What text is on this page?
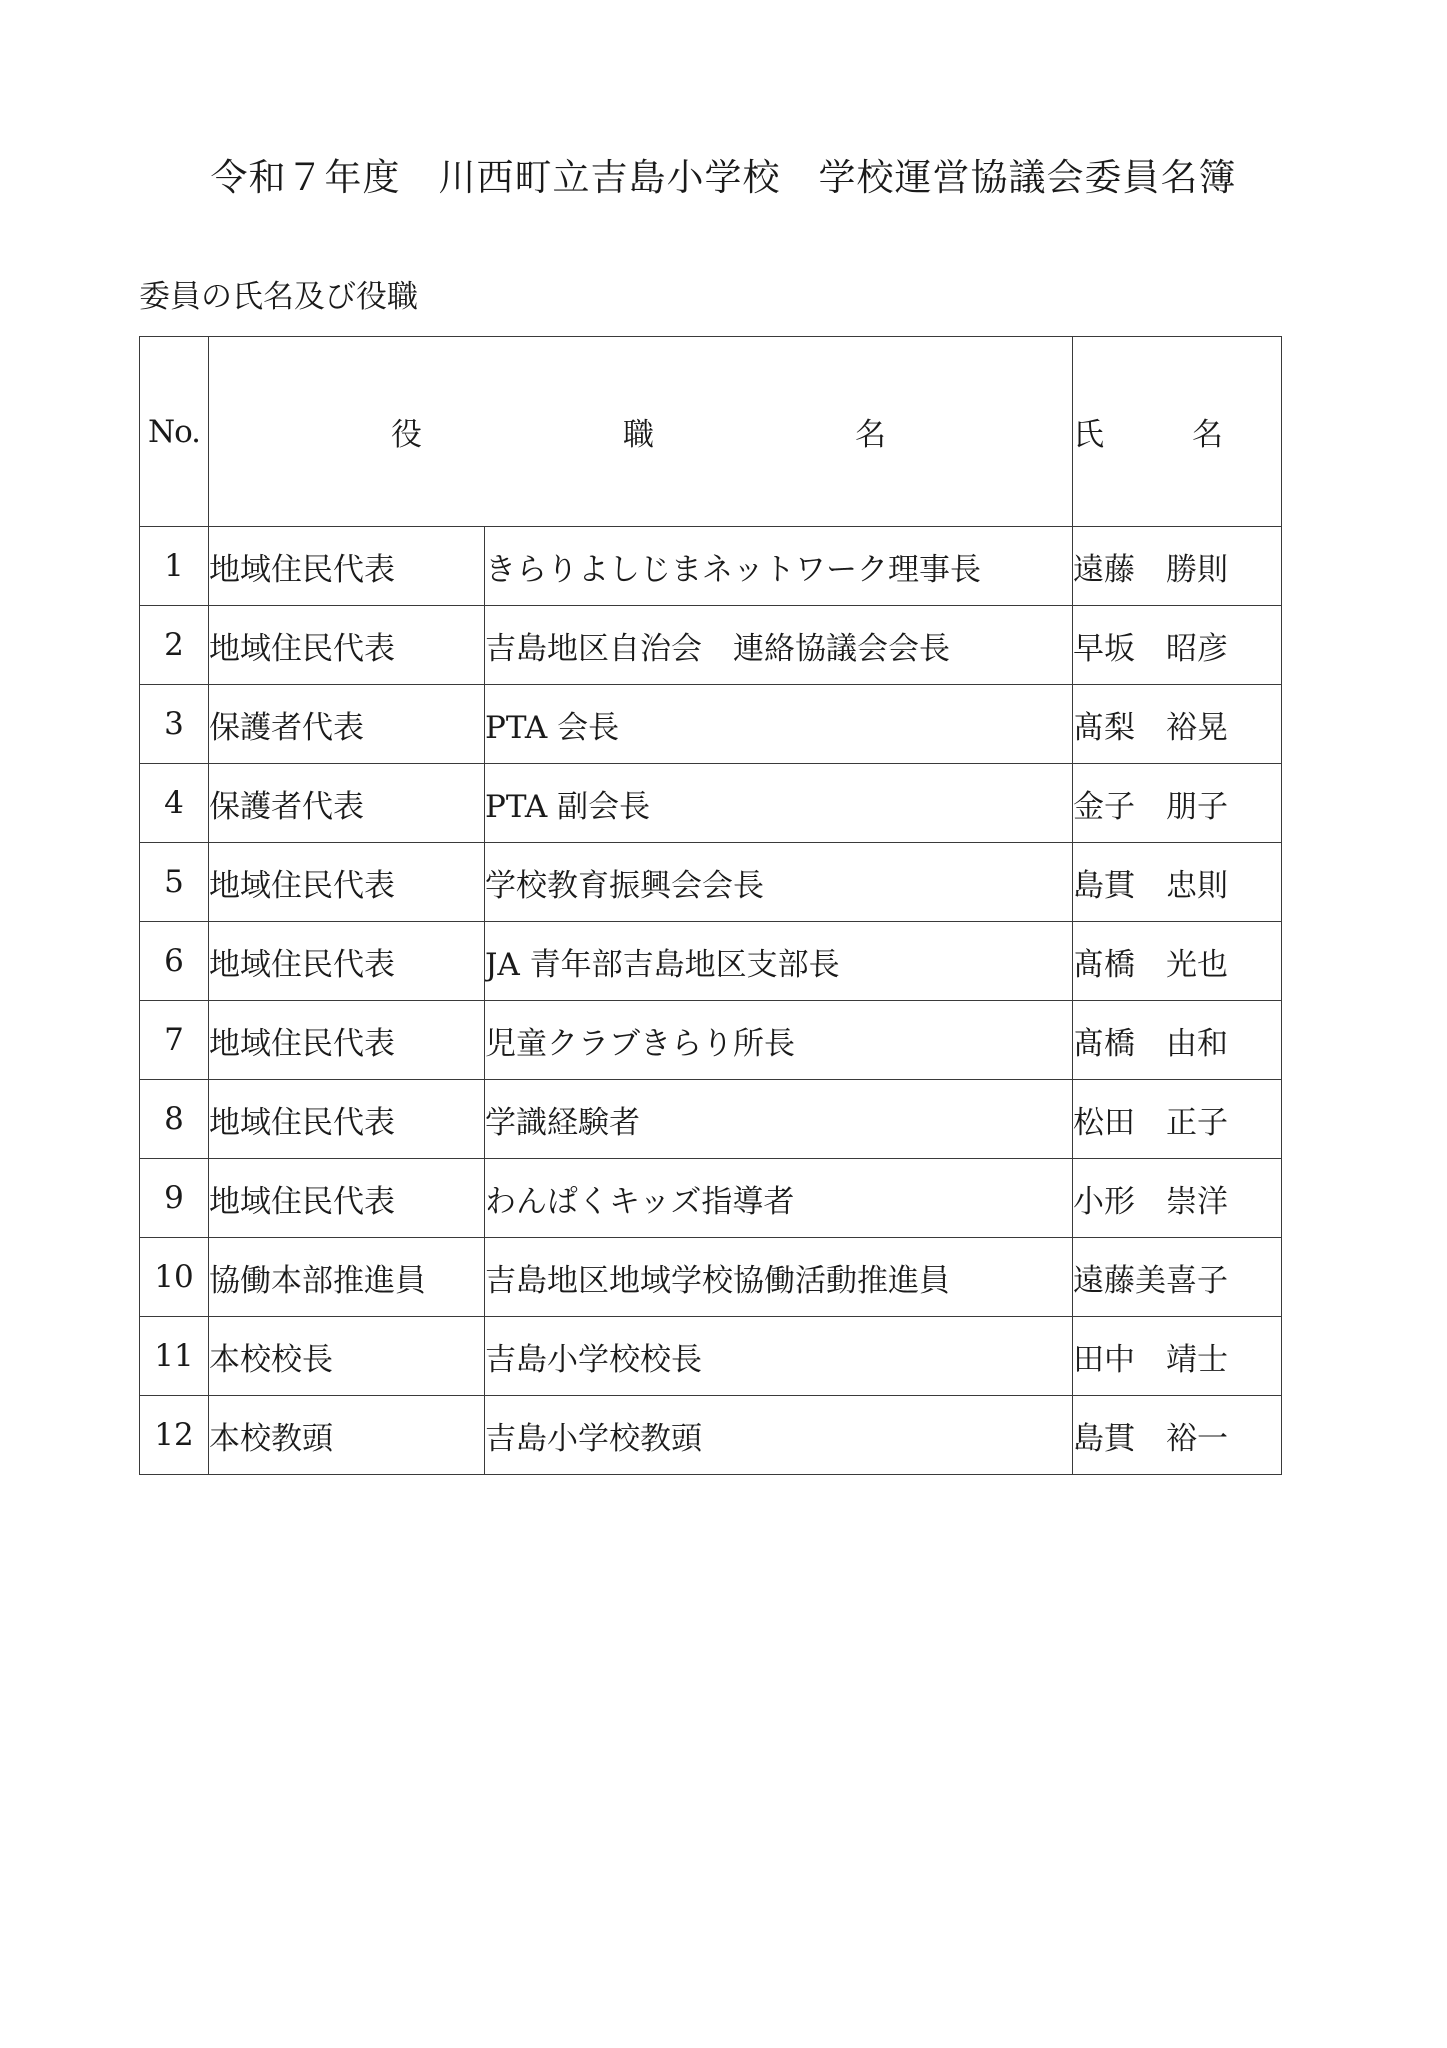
令和７年度　川西町立吉島小学校　学校運営協議会委員名簿
委員の氏名及び役職
No.	役 職 名		氏 名

1	地域住民代表	きらりよしじまネットワーク理事長	遠藤　勝則
2	地域住民代表	吉島地区自治会　連絡協議会会長	早坂　昭彦
3	保護者代表	PTA 会長	髙梨　裕晃
4	保護者代表	PTA 副会長	金子　朋子
5	地域住民代表	学校教育振興会会長	島貫　忠則
6	地域住民代表	JA 青年部吉島地区支部長	髙橋　光也
7	地域住民代表	児童クラブきらり所長	髙橋　由和
8	地域住民代表	学識経験者	松田　正子
9	地域住民代表	わんぱくキッズ指導者	小形　崇洋
10	協働本部推進員	吉島地区地域学校協働活動推進員	遠藤美喜子
11	本校校長	吉島小学校校長	田中　靖士
12	本校教頭	吉島小学校教頭	島貫　裕一
